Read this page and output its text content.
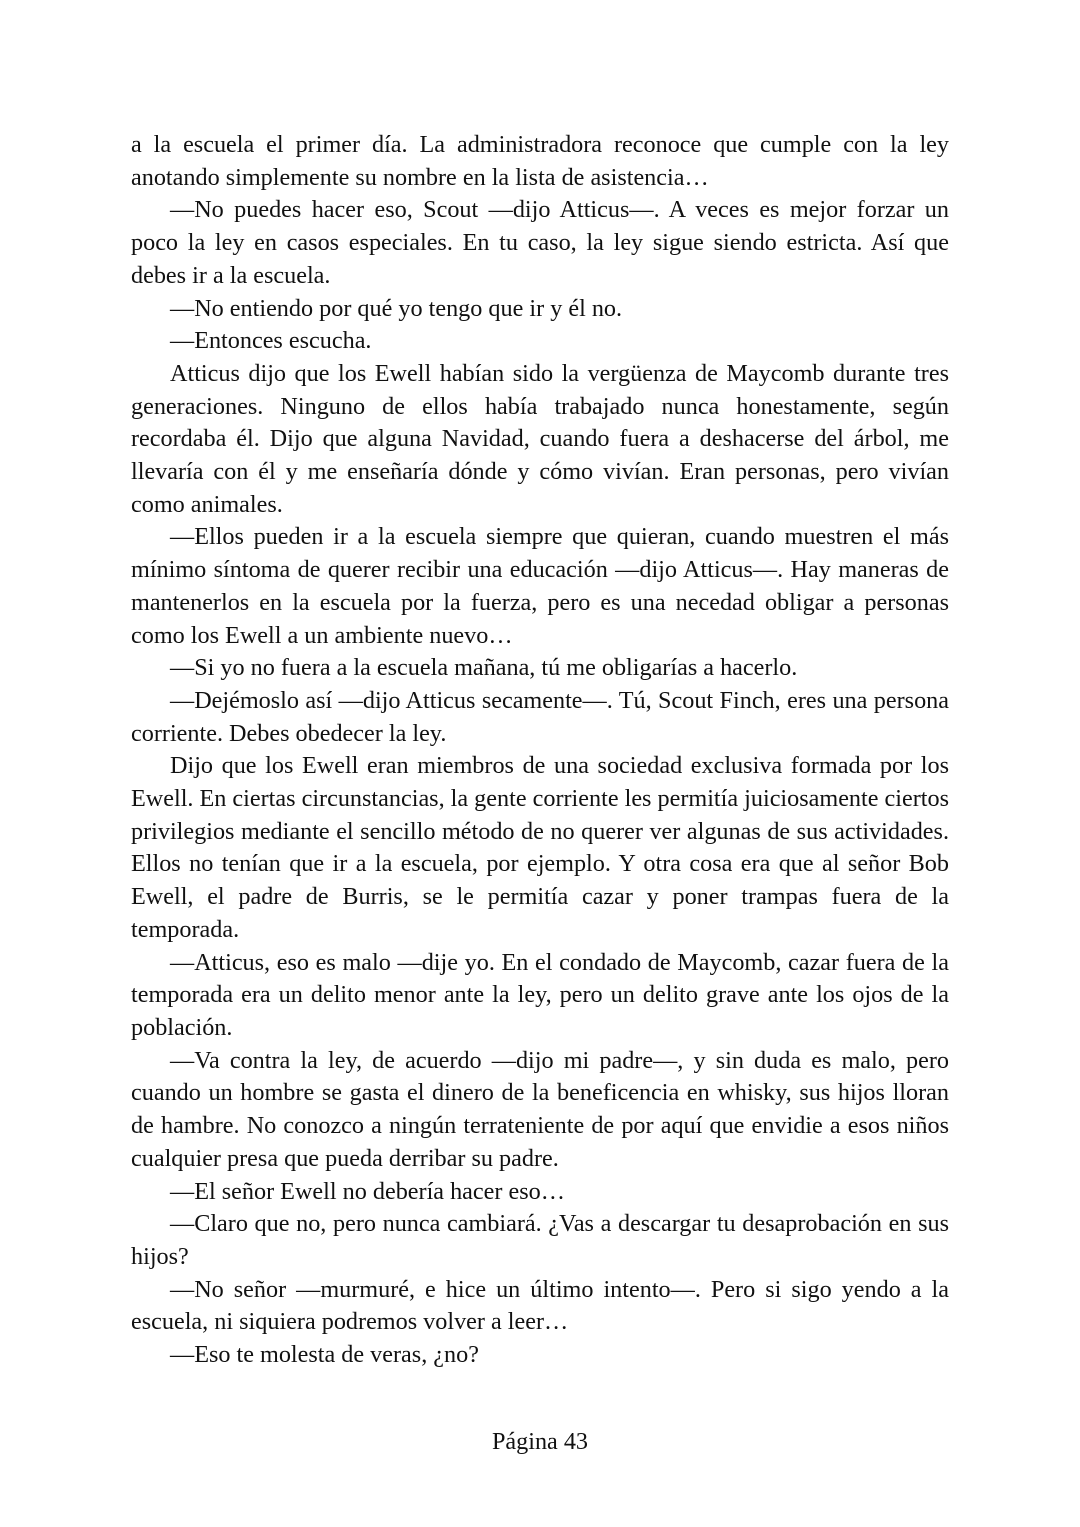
a la escuela el primer día. La administradora reconoce que cumple con la ley anotando simplemente su nombre en la lista de asistencia…

—No puedes hacer eso, Scout —dijo Atticus—. A veces es mejor forzar un poco la ley en casos especiales. En tu caso, la ley sigue siendo estricta. Así que debes ir a la escuela.

—No entiendo por qué yo tengo que ir y él no.

—Entonces escucha.

Atticus dijo que los Ewell habían sido la vergüenza de Maycomb durante tres generaciones. Ninguno de ellos había trabajado nunca honestamente, según recordaba él. Dijo que alguna Navidad, cuando fuera a deshacerse del árbol, me llevaría con él y me enseñaría dónde y cómo vivían. Eran personas, pero vivían como animales.

—Ellos pueden ir a la escuela siempre que quieran, cuando muestren el más mínimo síntoma de querer recibir una educación —dijo Atticus—. Hay maneras de mantenerlos en la escuela por la fuerza, pero es una necedad obligar a personas como los Ewell a un ambiente nuevo…

—Si yo no fuera a la escuela mañana, tú me obligarías a hacerlo.

—Dejémoslo así —dijo Atticus secamente—. Tú, Scout Finch, eres una persona corriente. Debes obedecer la ley.

Dijo que los Ewell eran miembros de una sociedad exclusiva formada por los Ewell. En ciertas circunstancias, la gente corriente les permitía juiciosamente ciertos privilegios mediante el sencillo método de no querer ver algunas de sus actividades. Ellos no tenían que ir a la escuela, por ejemplo. Y otra cosa era que al señor Bob Ewell, el padre de Burris, se le permitía cazar y poner trampas fuera de la temporada.

—Atticus, eso es malo —dije yo. En el condado de Maycomb, cazar fuera de la temporada era un delito menor ante la ley, pero un delito grave ante los ojos de la población.

—Va contra la ley, de acuerdo —dijo mi padre—, y sin duda es malo, pero cuando un hombre se gasta el dinero de la beneficencia en whisky, sus hijos lloran de hambre. No conozco a ningún terrateniente de por aquí que envidie a esos niños cualquier presa que pueda derribar su padre.

—El señor Ewell no debería hacer eso…

—Claro que no, pero nunca cambiará. ¿Vas a descargar tu desaprobación en sus hijos?

—No señor —murmuré, e hice un último intento—. Pero si sigo yendo a la escuela, ni siquiera podremos volver a leer…

—Eso te molesta de veras, ¿no?

Página 43
